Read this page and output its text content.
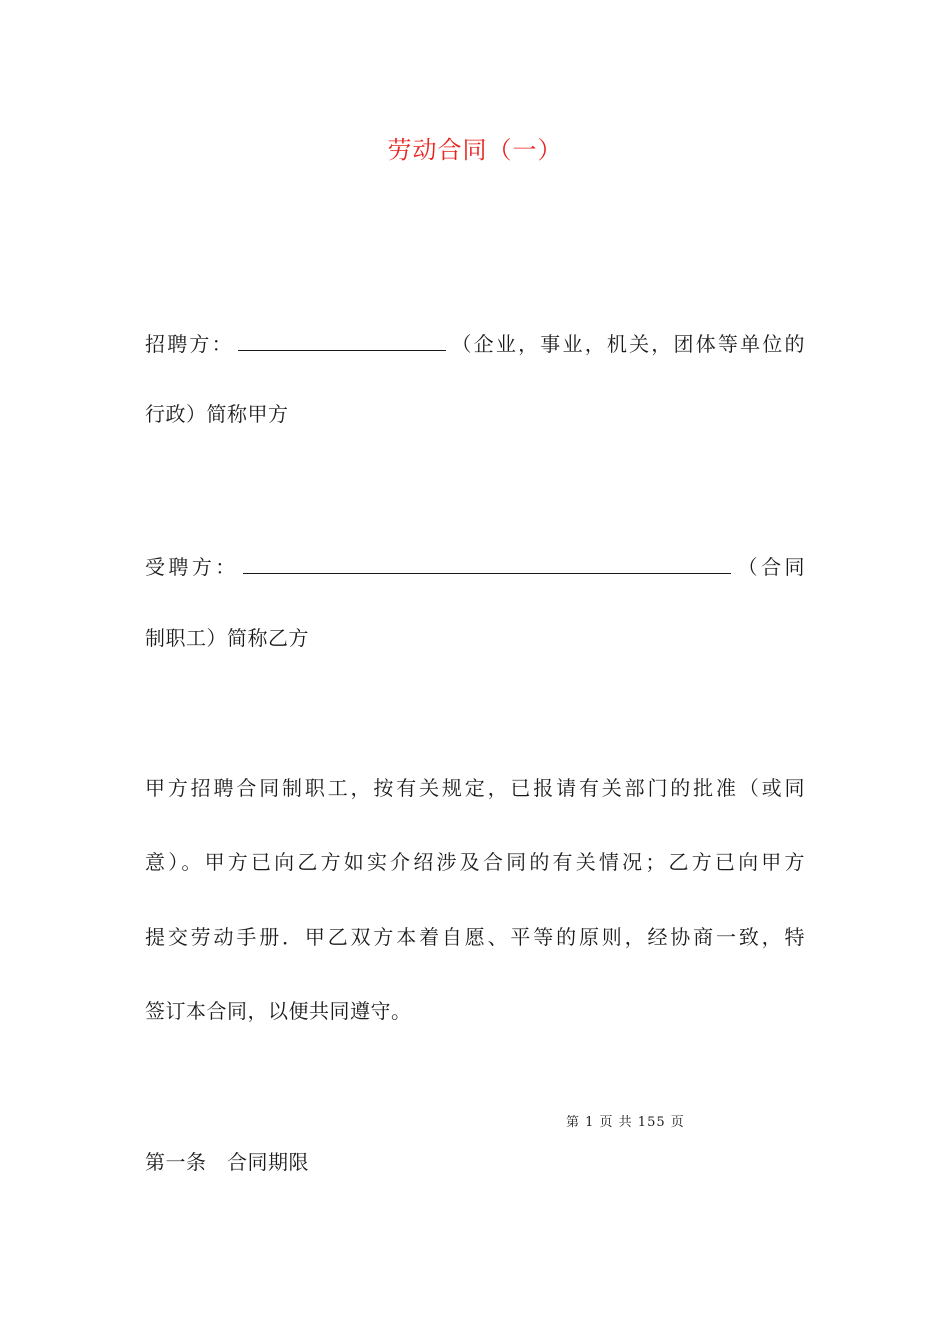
劳动合同（一）
招聘方：	（企业，事业，机关，团体等单位的
行政）简称甲方
受聘方：	（合同
制职工）简称乙方
甲方招聘合同制职工，按有关规定，已报请有关部门的批准（或同
意）。甲方已向乙方如实介绍涉及合同的有关情况；乙方已向甲方
提交劳动手册．甲乙双方本着自愿、平等的原则，经协商一致，特
签订本合同，以便共同遵守。
第 1 页 共 155 页
第一条　合同期限
